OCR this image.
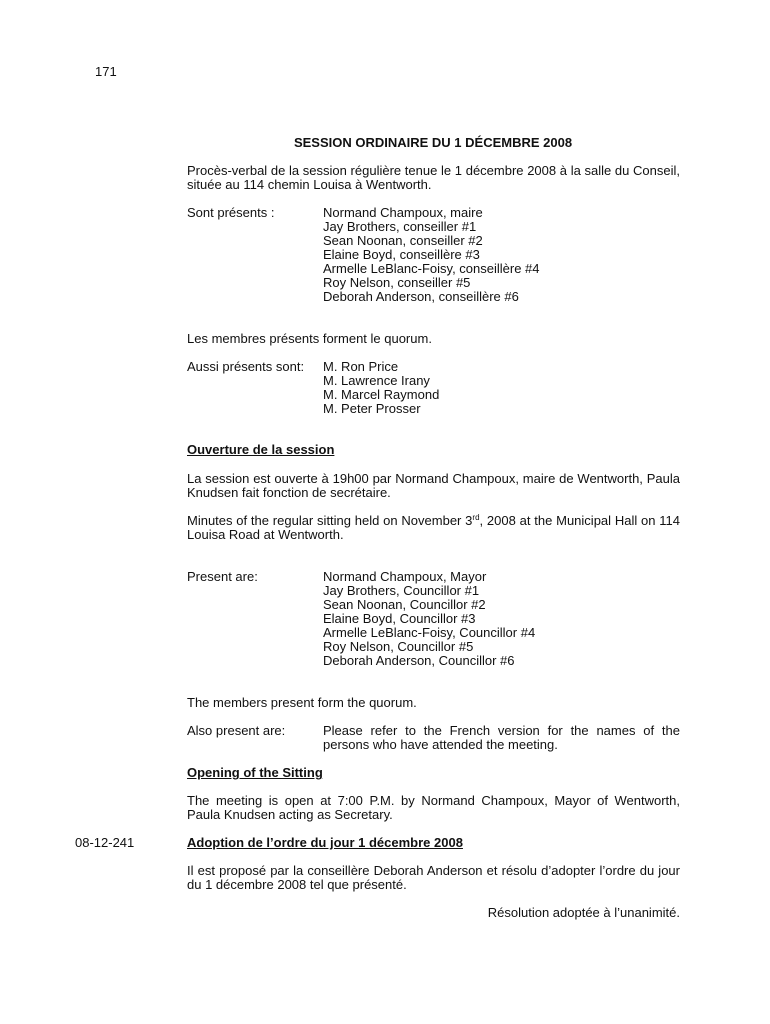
171
SESSION ORDINAIRE DU 1 DÉCEMBRE 2008
Procès-verbal de la session régulière tenue le 1 décembre 2008 à la salle du Conseil, située au 114 chemin Louisa à Wentworth.
Sont présents :	Normand Champoux, maire
Jay Brothers, conseiller #1
Sean Noonan, conseiller #2
Elaine Boyd, conseillère #3
Armelle LeBlanc-Foisy, conseillère #4
Roy Nelson, conseiller #5
Deborah Anderson, conseillère #6
Les membres présents forment le quorum.
Aussi présents sont: M. Ron Price
M. Lawrence Irany
M. Marcel Raymond
M. Peter Prosser
Ouverture de la session
La session est ouverte à 19h00 par Normand Champoux, maire de Wentworth, Paula Knudsen fait fonction de secrétaire.
Minutes of the regular sitting held on November 3rd, 2008 at the Municipal Hall on 114 Louisa Road at Wentworth.
Present are:	Normand Champoux, Mayor
Jay Brothers, Councillor #1
Sean Noonan, Councillor #2
Elaine Boyd, Councillor #3
Armelle LeBlanc-Foisy, Councillor #4
Roy Nelson, Councillor #5
Deborah Anderson, Councillor #6
The members present form the quorum.
Also present are:	Please refer to the French version for the names of the persons who have attended the meeting.
Opening of the Sitting
The meeting is open at 7:00 P.M. by Normand Champoux, Mayor of Wentworth, Paula Knudsen acting as Secretary.
08-12-241	Adoption de l’ordre du jour 1 décembre 2008
Il est proposé par la conseillère Deborah Anderson et résolu d’adopter l’ordre du jour du 1 décembre 2008 tel que présenté.
Résolution adoptée à l’unanimité.
